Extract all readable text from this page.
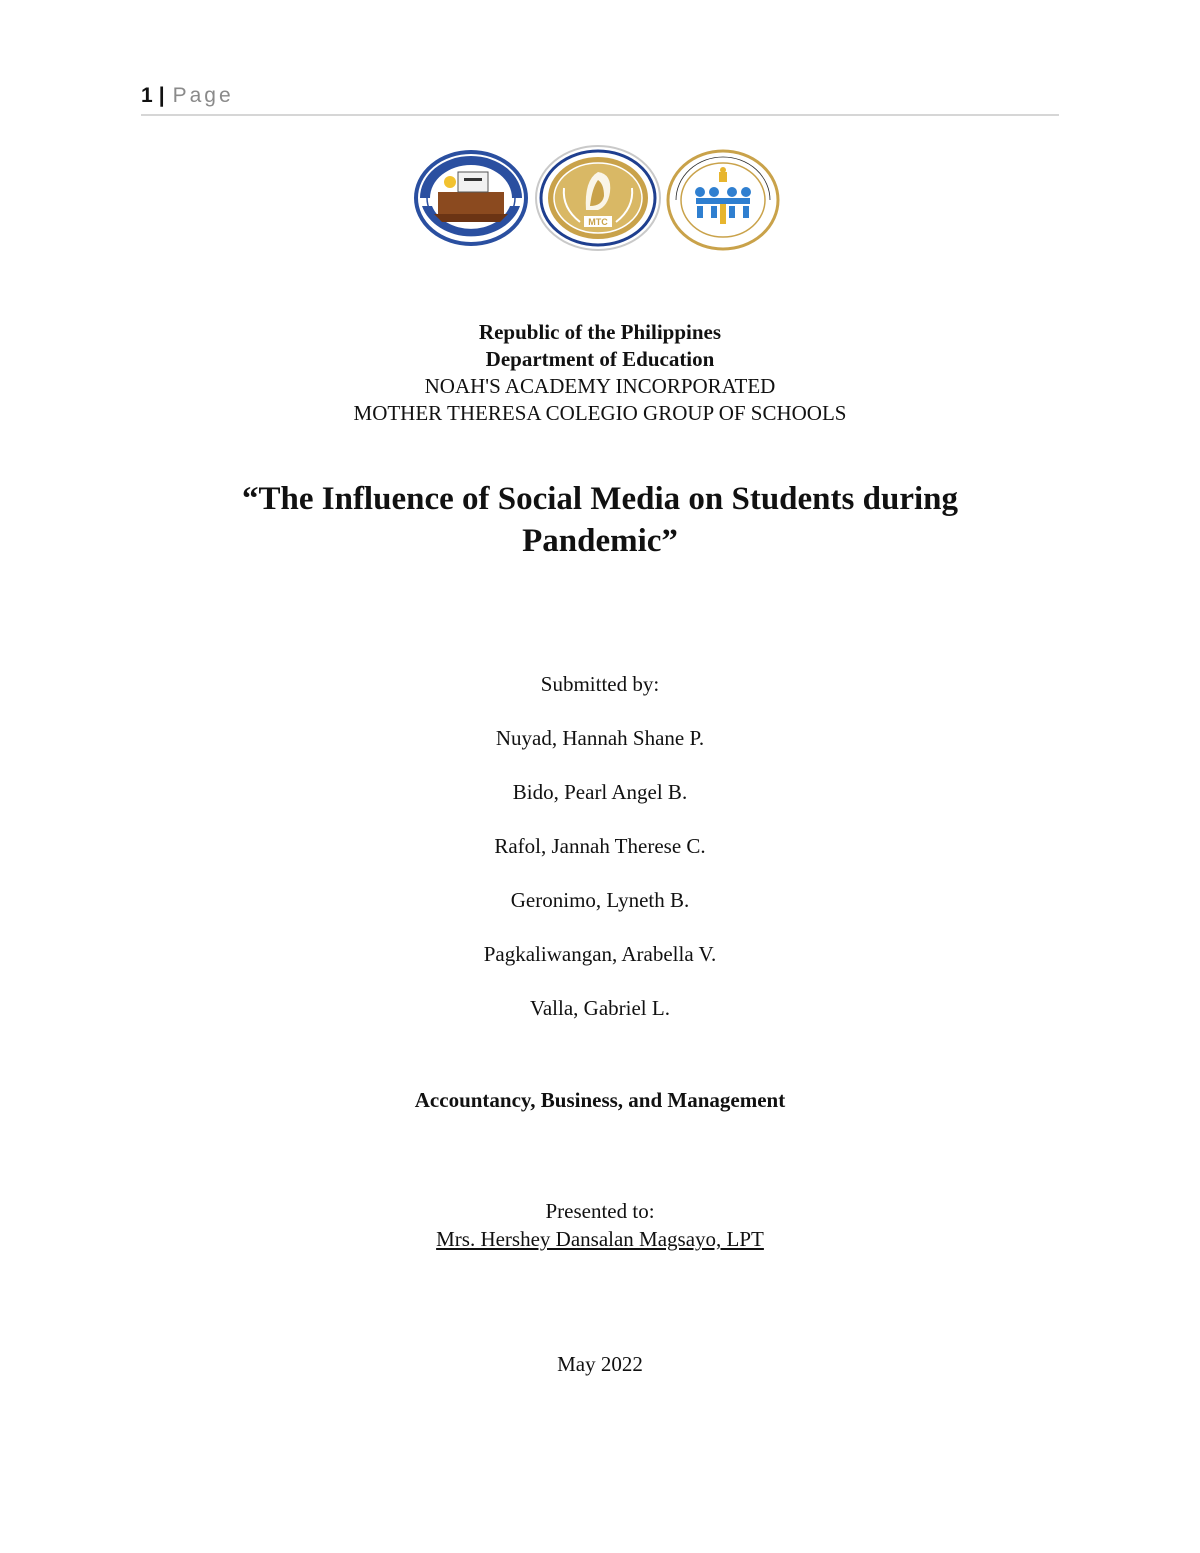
1 | Page
MTC
Republic of the Philippines
Department of Education
NOAH'S ACADEMY INCORPORATED
MOTHER THERESA COLEGIO GROUP OF SCHOOLS
“The Influence of Social Media on Students during
Pandemic”
Submitted by:
Nuyad, Hannah Shane P.
Bido, Pearl Angel B.
Rafol, Jannah Therese C.
Geronimo, Lyneth B.
Pagkaliwangan, Arabella V.
Valla, Gabriel L.
Accountancy, Business, and Management
Presented to:
Mrs. Hershey Dansalan Magsayo, LPT
May 2022
